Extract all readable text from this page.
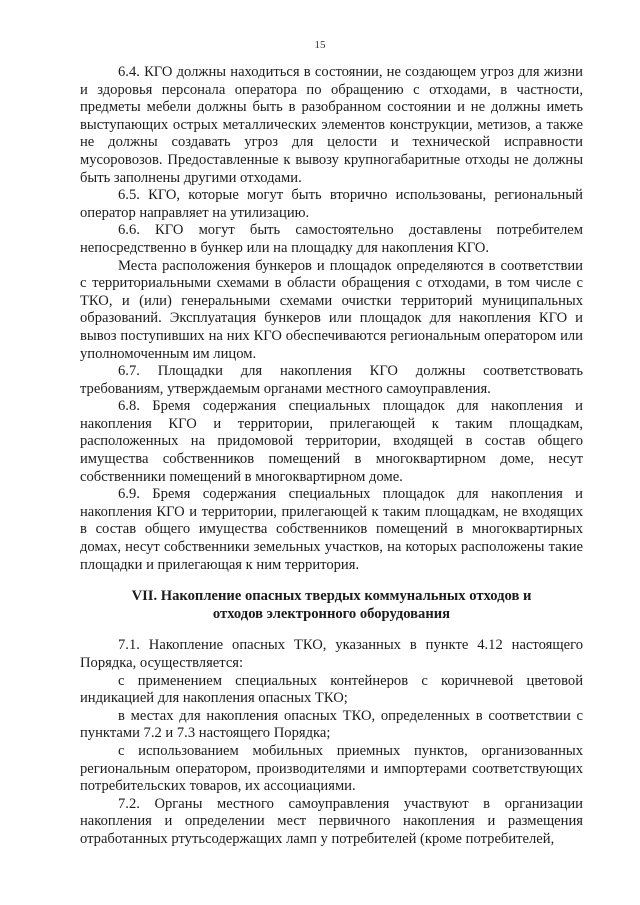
15

6.4. КГО должны находиться в состоянии, не создающем угроз для жизни и здоровья персонала оператора по обращению с отходами, в частности, предметы мебели должны быть в разобранном состоянии и не должны иметь выступающих острых металлических элементов конструкции, метизов, а также не должны создавать угроз для целости и технической исправности мусоровозов. Предоставленные к вывозу крупногабаритные отходы не должны быть заполнены другими отходами.

6.5. КГО, которые могут быть вторично использованы, региональный оператор направляет на утилизацию.

6.6. КГО могут быть самостоятельно доставлены потребителем непосредственно в бункер или на площадку для накопления КГО.

Места расположения бункеров и площадок определяются в соответствии с территориальными схемами в области обращения с отходами, в том числе с ТКО, и (или) генеральными схемами очистки территорий муниципальных образований. Эксплуатация бункеров или площадок для накопления КГО и вывоз поступивших на них КГО обеспечиваются региональным оператором или уполномоченным им лицом.

6.7. Площадки для накопления КГО должны соответствовать требованиям, утверждаемым органами местного самоуправления.

6.8. Бремя содержания специальных площадок для накопления и накопления КГО и территории, прилегающей к таким площадкам, расположенных на придомовой территории, входящей в состав общего имущества собственников помещений в многоквартирном доме, несут собственники помещений в многоквартирном доме.

6.9. Бремя содержания специальных площадок для накопления и накопления КГО и территории, прилегающей к таким площадкам, не входящих в состав общего имущества собственников помещений в многоквартирных домах, несут собственники земельных участков, на которых расположены такие площадки и прилегающая к ним территория.

VII. Накопление опасных твердых коммунальных отходов и
отходов электронного оборудования

7.1. Накопление опасных ТКО, указанных в пункте 4.12 настоящего Порядка, осуществляется:

с применением специальных контейнеров с коричневой цветовой индикацией для накопления опасных ТКО;

в местах для накопления опасных ТКО, определенных в соответствии с пунктами 7.2 и 7.3 настоящего Порядка;

с использованием мобильных приемных пунктов, организованных региональным оператором, производителями и импортерами соответствующих потребительских товаров, их ассоциациями.

7.2. Органы местного самоуправления участвуют в организации накопления и определении мест первичного накопления и размещения отработанных ртутьсодержащих ламп у потребителей (кроме потребителей,
